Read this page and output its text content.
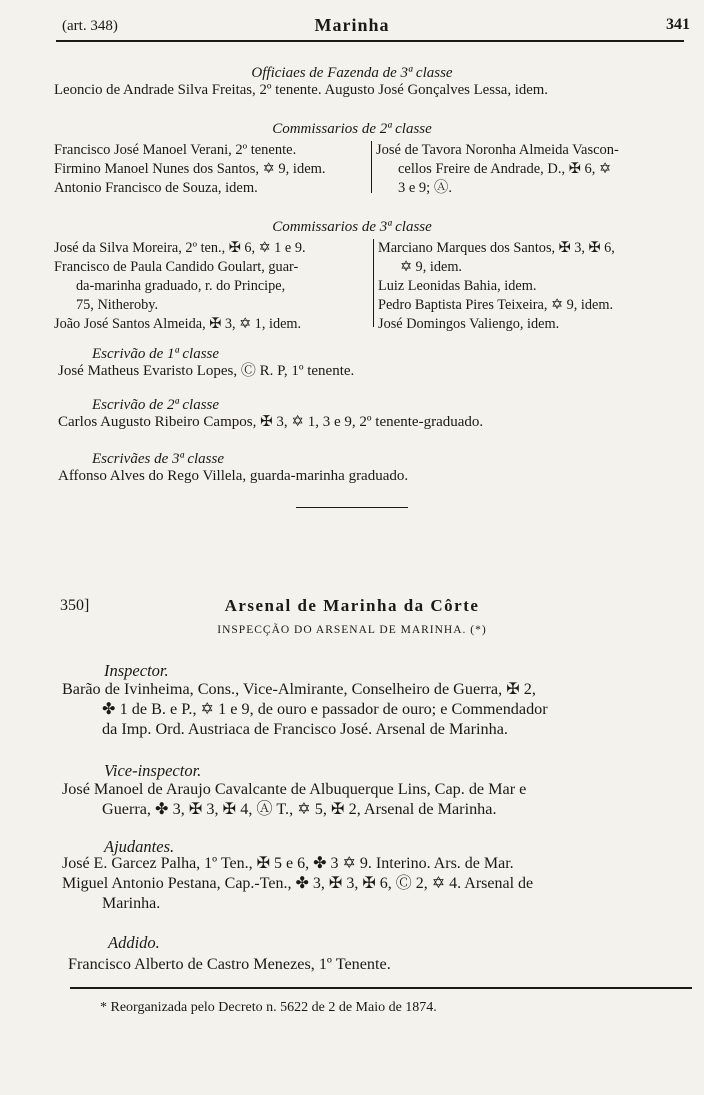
(art. 348)	Marinha	341
Officiaes de Fazenda de 3ª classe
Leoncio de Andrade Silva Freitas, 2º tenente. Augusto José Gonçalves Lessa, idem.
Commissarios de 2ª classe
Francisco José Manoel Verani, 2º tenente.
Firmino Manoel Nunes dos Santos, ✡ 9, idem.
Antonio Francisco de Souza, idem.
José de Tavora Noronha Almeida Vascon-
cellos Freire de Andrade, D., ✠ 6, ✡
3 e 9; Ⓐ.
Commissarios de 3ª classe
José da Silva Moreira, 2º ten., ✠ 6, ✡ 1 e 9.
Francisco de Paula Candido Goulart, guar-
da-marinha graduado, r. do Principe,
75, Nitheroby.
João José Santos Almeida, ✠ 3, ✡ 1, idem.
Marciano Marques dos Santos, ✠ 3, ✠ 6,
✡ 9, idem.
Luiz Leonidas Bahia, idem.
Pedro Baptista Pires Teixeira, ✡ 9, idem.
José Domingos Valiengo, idem.
Escrivão de 1ª classe
José Matheus Evaristo Lopes, Ⓒ R. P, 1º tenente.
Escrivão de 2ª classe
Carlos Augusto Ribeiro Campos, ✠ 3, ✡ 1, 3 e 9, 2º tenente-graduado.
Escrivães de 3ª classe
Affonso Alves do Rego Villela, guarda-marinha graduado.
350]	Arsenal de Marinha da Côrte
INSPECÇÃO DO ARSENAL DE MARINHA. (*)
Inspector.
Barão de Ivinheima, Cons., Vice-Almirante, Conselheiro de Guerra, ✠ 2,
✤ 1 de B. e P., ✡ 1 e 9, de ouro e passador de ouro; e Commendador
da Imp. Ord. Austriaca de Francisco José. Arsenal de Marinha.
Vice-inspector.
José Manoel de Araujo Cavalcante de Albuquerque Lins, Cap. de Mar e
Guerra, ✤ 3, ✠ 3, ✠ 4, Ⓐ T., ✡ 5, ✠ 2, Arsenal de Marinha.
Ajudantes.
José E. Garcez Palha, 1º Ten., ✠ 5 e 6, ✤ 3 ✡ 9. Interino. Ars. de Mar.
Miguel Antonio Pestana, Cap.-Ten., ✤ 3, ✠ 3, ✠ 6, Ⓒ 2, ✡ 4. Arsenal de
Marinha.
Addido.
Francisco Alberto de Castro Menezes, 1º Tenente.
* Reorganizada pelo Decreto n. 5622 de 2 de Maio de 1874.
